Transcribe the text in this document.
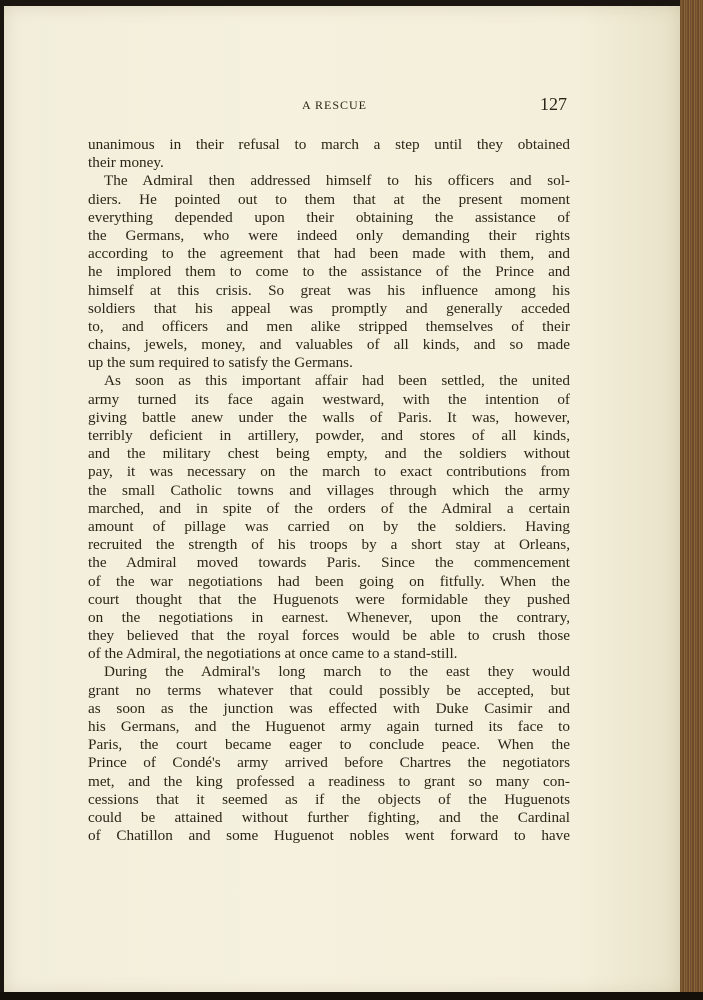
A RESCUE	127
unanimous in their refusal to march a step until they obtained
their money.
The Admiral then addressed himself to his officers and sol-
diers. He pointed out to them that at the present moment
everything depended upon their obtaining the assistance of
the Germans, who were indeed only demanding their rights
according to the agreement that had been made with them, and
he implored them to come to the assistance of the Prince and
himself at this crisis. So great was his influence among his
soldiers that his appeal was promptly and generally acceded
to, and officers and men alike stripped themselves of their
chains, jewels, money, and valuables of all kinds, and so made
up the sum required to satisfy the Germans.
As soon as this important affair had been settled, the united
army turned its face again westward, with the intention of
giving battle anew under the walls of Paris. It was, however,
terribly deficient in artillery, powder, and stores of all kinds,
and the military chest being empty, and the soldiers without
pay, it was necessary on the march to exact contributions from
the small Catholic towns and villages through which the army
marched, and in spite of the orders of the Admiral a certain
amount of pillage was carried on by the soldiers. Having
recruited the strength of his troops by a short stay at Orleans,
the Admiral moved towards Paris. Since the commencement
of the war negotiations had been going on fitfully. When the
court thought that the Huguenots were formidable they pushed
on the negotiations in earnest. Whenever, upon the contrary,
they believed that the royal forces would be able to crush those
of the Admiral, the negotiations at once came to a stand-still.
During the Admiral's long march to the east they would
grant no terms whatever that could possibly be accepted, but
as soon as the junction was effected with Duke Casimir and
his Germans, and the Huguenot army again turned its face to
Paris, the court became eager to conclude peace. When the
Prince of Condé's army arrived before Chartres the negotiators
met, and the king professed a readiness to grant so many con-
cessions that it seemed as if the objects of the Huguenots
could be attained without further fighting, and the Cardinal
of Chatillon and some Huguenot nobles went forward to have
